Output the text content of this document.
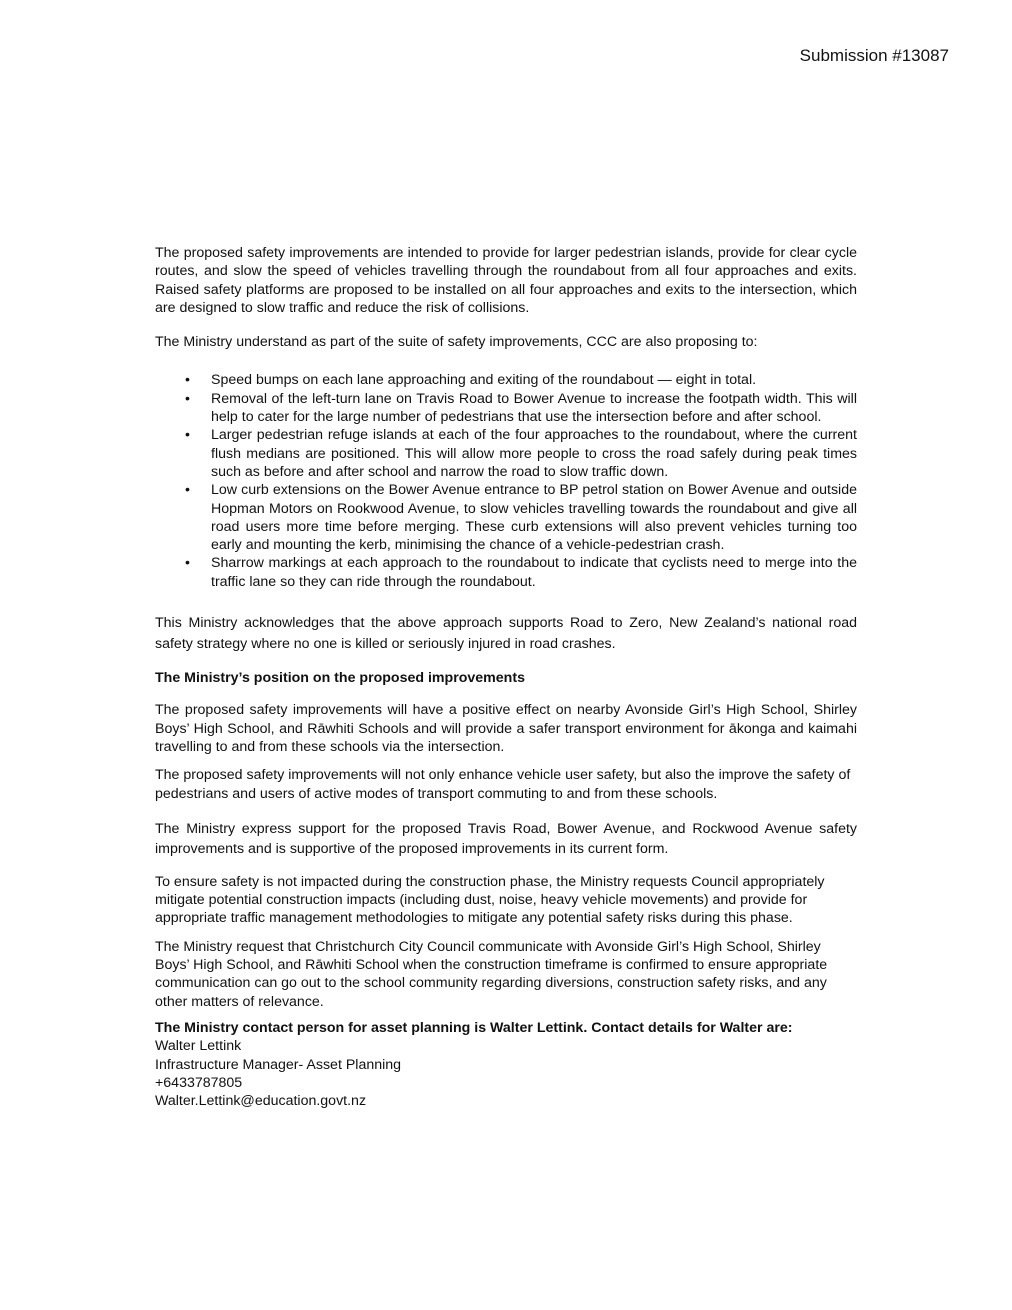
Submission #13087

The proposed safety improvements are intended to provide for larger pedestrian islands, provide for clear cycle routes, and slow the speed of vehicles travelling through the roundabout from all four approaches and exits. Raised safety platforms are proposed to be installed on all four approaches and exits to the intersection, which are designed to slow traffic and reduce the risk of collisions.

The Ministry understand as part of the suite of safety improvements, CCC are also proposing to:

• Speed bumps on each lane approaching and exiting of the roundabout — eight in total.
• Removal of the left-turn lane on Travis Road to Bower Avenue to increase the footpath width. This will help to cater for the large number of pedestrians that use the intersection before and after school.
• Larger pedestrian refuge islands at each of the four approaches to the roundabout, where the current flush medians are positioned. This will allow more people to cross the road safely during peak times such as before and after school and narrow the road to slow traffic down.
• Low curb extensions on the Bower Avenue entrance to BP petrol station on Bower Avenue and outside Hopman Motors on Rookwood Avenue, to slow vehicles travelling towards the roundabout and give all road users more time before merging. These curb extensions will also prevent vehicles turning too early and mounting the kerb, minimising the chance of a vehicle-pedestrian crash.
• Sharrow markings at each approach to the roundabout to indicate that cyclists need to merge into the traffic lane so they can ride through the roundabout.

This Ministry acknowledges that the above approach supports Road to Zero, New Zealand’s national road safety strategy where no one is killed or seriously injured in road crashes.

The Ministry’s position on the proposed improvements

The proposed safety improvements will have a positive effect on nearby Avonside Girl’s High School, Shirley Boys’ High School, and Rāwhiti Schools and will provide a safer transport environment for ākonga and kaimahi travelling to and from these schools via the intersection.

The proposed safety improvements will not only enhance vehicle user safety, but also the improve the safety of pedestrians and users of active modes of transport commuting to and from these schools.

The Ministry express support for the proposed Travis Road, Bower Avenue, and Rockwood Avenue safety improvements and is supportive of the proposed improvements in its current form.

To ensure safety is not impacted during the construction phase, the Ministry requests Council appropriately mitigate potential construction impacts (including dust, noise, heavy vehicle movements) and provide for appropriate traffic management methodologies to mitigate any potential safety risks during this phase.

The Ministry request that Christchurch City Council communicate with Avonside Girl’s High School, Shirley Boys’ High School, and Rāwhiti School when the construction timeframe is confirmed to ensure appropriate communication can go out to the school community regarding diversions, construction safety risks, and any other matters of relevance.

The Ministry contact person for asset planning is Walter Lettink. Contact details for Walter are:

Walter Lettink

Infrastructure Manager- Asset Planning

+6433787805

Walter.Lettink@education.govt.nz
